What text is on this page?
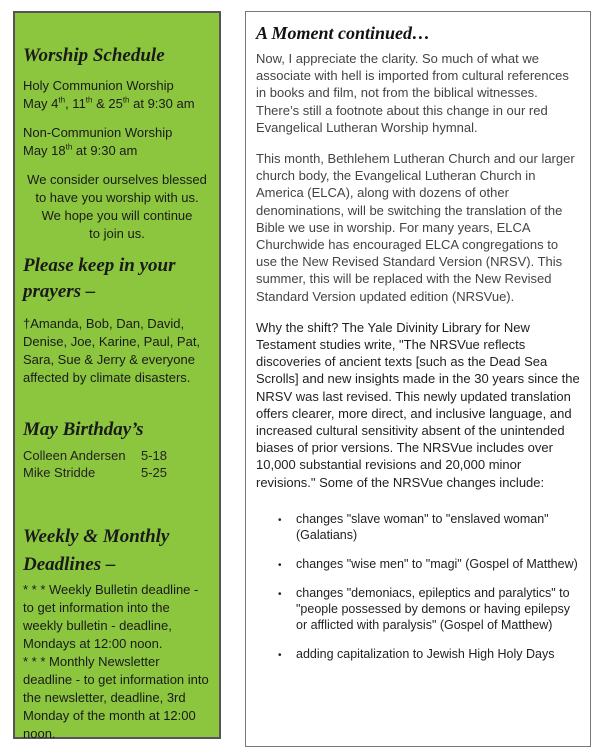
Worship Schedule

Holy Communion Worship

May 4th, 11th & 25th at 9:30 am

Non-Communion Worship

May 18th at 9:30 am

We consider ourselves blessed

to have you worship with us.

We hope you will continue

to join us.

Please keep in your
prayers –

†Amanda, Bob, Dan, David, Denise, Joe, Karine, Paul, Pat, Sara, Sue & Jerry & everyone affected by climate disasters.

May Birthday’s
Colleen Andersen	5-18
Mike Stridde	5-25
Weekly & Monthly
Deadlines –

* * * Weekly Bulletin deadline - to get information into the weekly bulletin - deadline, Mondays at 12:00 noon.

* * * Monthly Newsletter deadline - to get information into the newsletter, deadline, 3rd Monday of the month at 12:00 noon.

A Moment continued…

Now, I appreciate the clarity. So much of what we associate with hell is imported from cultural references in books and film, not from the biblical witnesses. There’s still a footnote about this change in our red Evangelical Lutheran Worship hymnal.

This month, Bethlehem Lutheran Church and our larger church body, the Evangelical Lutheran Church in America (ELCA), along with dozens of other denominations, will be switching the translation of the Bible we use in worship. For many years, ELCA Churchwide has encouraged ELCA congregations to use the New Revised Standard Version (NRSV). This summer, this will be replaced with the New Revised Standard Version updated edition (NRSVue).

Why the shift? The Yale Divinity Library for New Testament studies write, "The NRSVue reflects discoveries of ancient texts [such as the Dead Sea Scrolls] and new insights made in the 30 years since the NRSV was last revised. This newly updated translation offers clearer, more direct, and inclusive language, and increased cultural sensitivity absent of the unintended biases of prior versions. The NRSVue includes over 10,000 substantial revisions and 20,000 minor revisions." Some of the NRSVue changes include:

• changes "slave woman" to "enslaved woman" (Galatians)
• changes "wise men" to "magi" (Gospel of Matthew)
• changes "demoniacs, epileptics and paralytics" to "people possessed by demons or having epilepsy or afflicted with paralysis" (Gospel of Matthew)
• adding capitalization to Jewish High Holy Days
